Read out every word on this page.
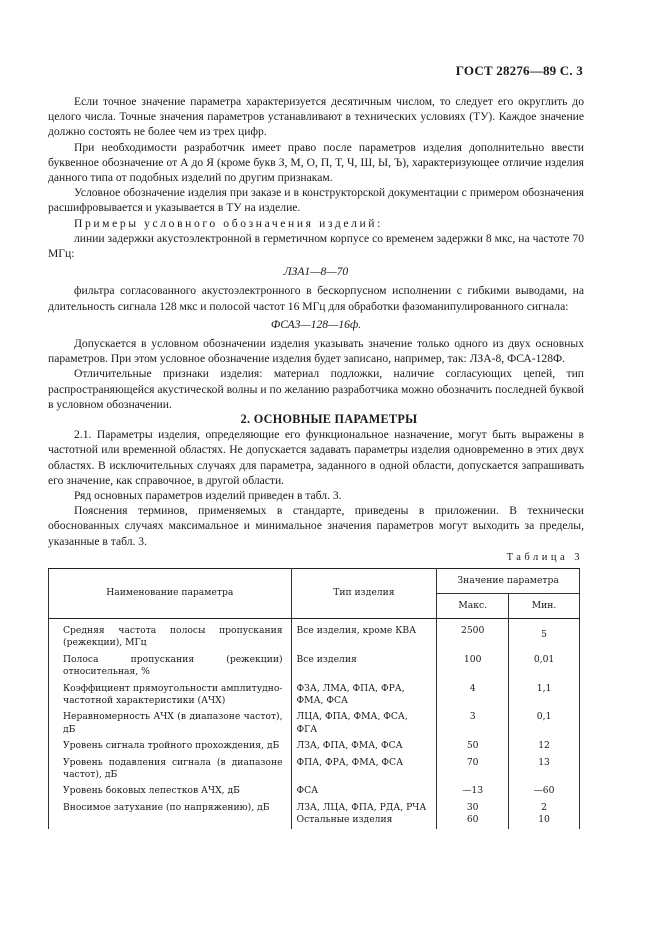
ГОСТ 28276—89 С. 3

Если точное значение параметра характеризуется десятичным числом, то следует его округлить до целого числа. Точные значения параметров устанавливают в технических условиях (ТУ). Каждое значение должно состоять не более чем из трех цифр.

При необходимости разработчик имеет право после параметров изделия дополнительно ввести буквенное обозначение от А до Я (кроме букв З, М, О, П, Т, Ч, Ш, Ы, Ъ), характеризующее отличие изделия данного типа от подобных изделий по другим признакам.

Условное обозначение изделия при заказе и в конструкторской документации с примером обозначения расшифровывается и указывается в ТУ на изделие.

Примеры условного обозначения изделий:

линии задержки акустоэлектронной в герметичном корпусе со временем задержки 8 мкс, на частоте 70 МГц:

ЛЗА1—8—70

фильтра согласованного акустоэлектронного в бескорпусном исполнении с гибкими выводами, на длительность сигнала 128 мкс и полосой частот 16 МГц для обработки фазоманипулированного сигнала:

ФСА3—128—16ф.

Допускается в условном обозначении изделия указывать значение только одного из двух основных параметров. При этом условное обозначение изделия будет записано, например, так: ЛЗА-8, ФСА-128Ф.

Отличительные признаки изделия: материал подложки, наличие согласующих цепей, тип распространяющейся акустической волны и по желанию разработчика можно обозначить последней буквой в условном обозначении.

2. ОСНОВНЫЕ ПАРАМЕТРЫ

2.1. Параметры изделия, определяющие его функциональное назначение, могут быть выражены в частотной или временной областях. Не допускается задавать параметры изделия одновременно в этих двух областях. В исключительных случаях для параметра, заданного в одной области, допускается запрашивать его значение, как справочное, в другой области.

Ряд основных параметров изделий приведен в табл. 3.

Пояснения терминов, применяемых в стандарте, приведены в приложении. В технически обоснованных случаях максимальное и минимальное значения параметров могут выходить за пределы, указанные в табл. 3.

Таблица 3
Наименование параметра	Тип изделия	Значение параметра	
		Макс.	Мин.
Средняя частота полосы пропускания (режекции), МГц	Все изделия, кроме КВА	2500	5
Полоса пропускания (режекции) относительная, %	Все изделия	100	0,01
Коэффициент прямоугольности амплитудно-частотной характеристики (АЧХ)	ФЗА, ЛМА, ФПА, ФРА, ФМА, ФСА	4	1,1
Неравномерность АЧХ (в диапазоне частот), дБ	ЛЦА, ФПА, ФМА, ФСА, ФГА	3	0,1
Уровень сигнала тройного прохождения, дБ	ЛЗА, ФПА, ФМА, ФСА	50	12
Уровень подавления сигнала (в диапазоне частот), дБ	ФПА, ФРА, ФМА, ФСА	70	13
Уровень боковых лепестков АЧХ, дБ	ФСА	—13	—60
Вносимое затухание (по напряжению), дБ	ЛЗА, ЛЦА, ФПА, РДА, РЧА	30	2
	Остальные изделия	60	10
